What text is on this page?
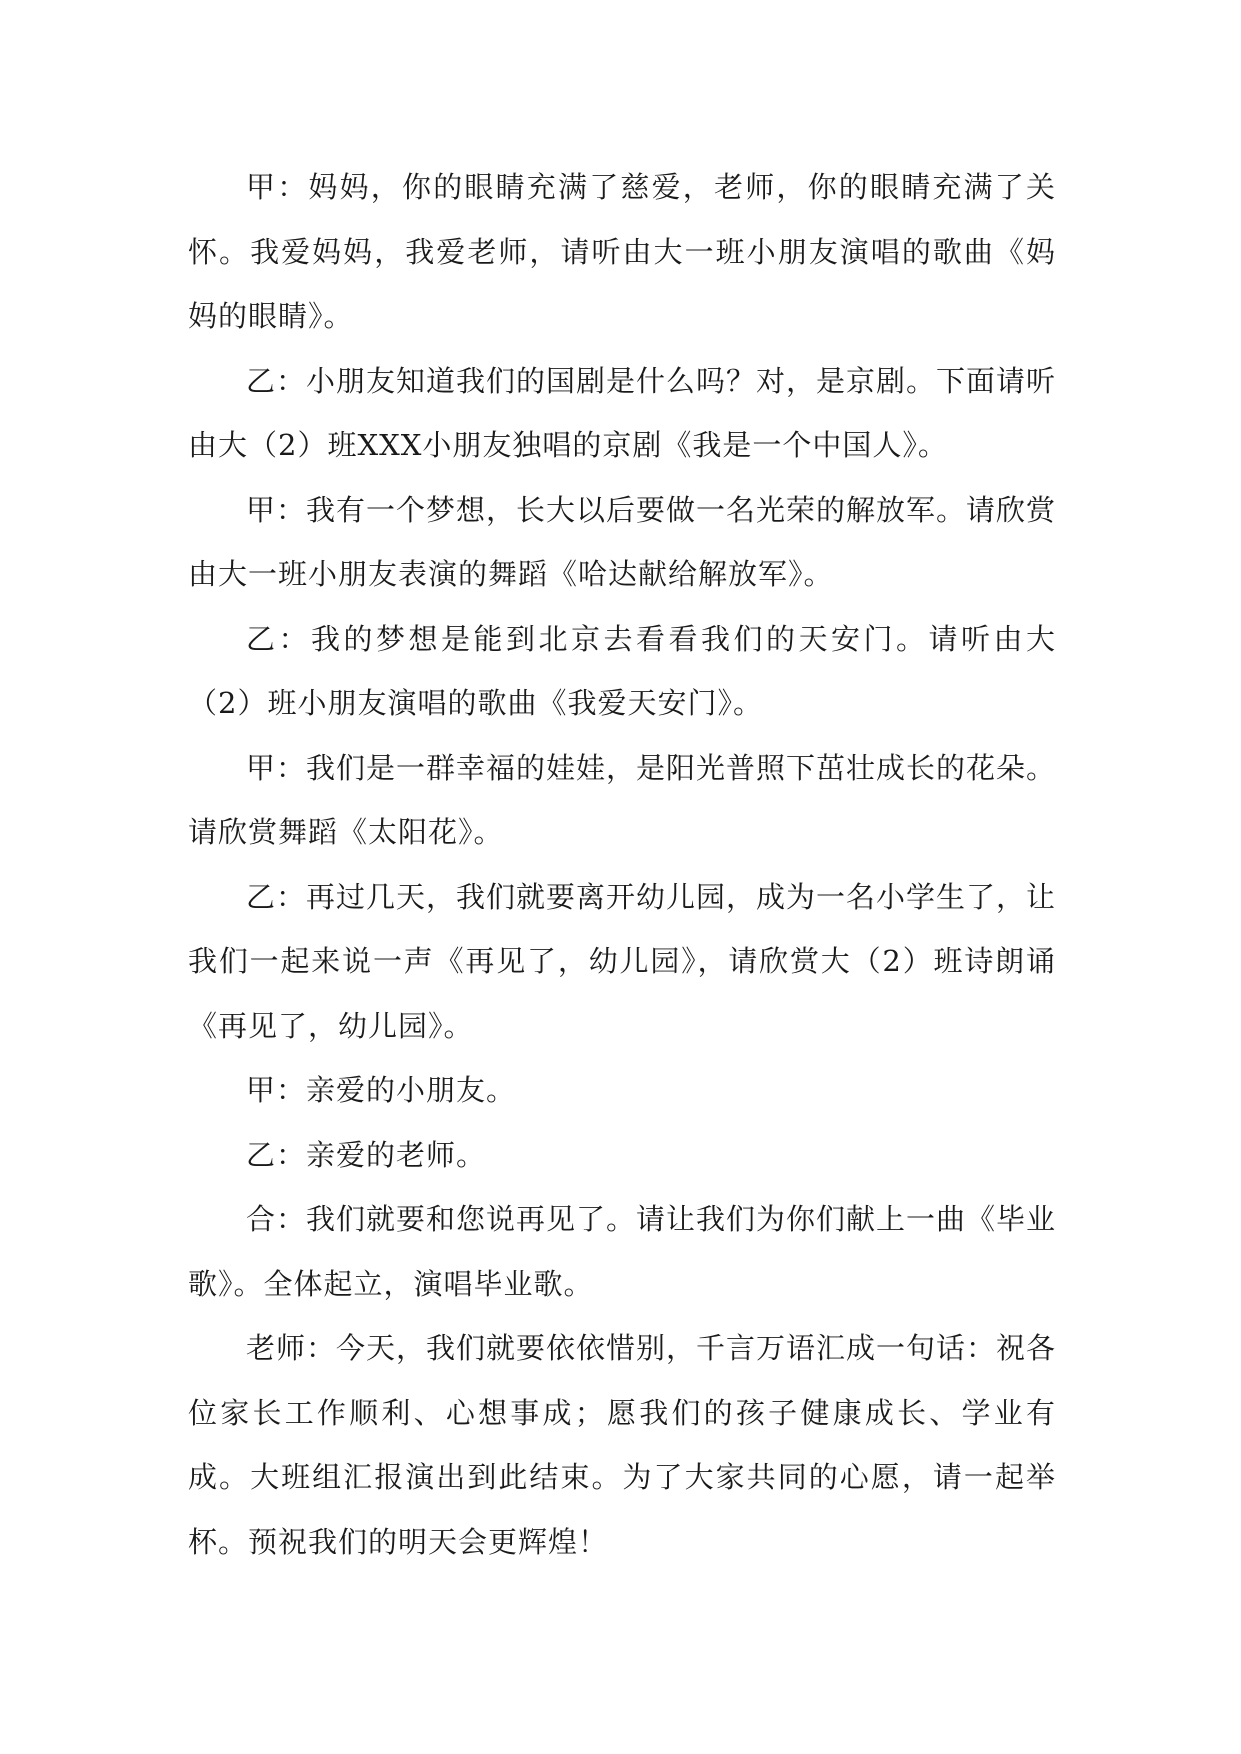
甲：妈妈，你的眼睛充满了慈爱，老师，你的眼睛充满了关怀。我爱妈妈，我爱老师，请听由大一班小朋友演唱的歌曲《妈妈的眼睛》。

乙：小朋友知道我们的国剧是什么吗？对，是京剧。下面请听由大（2）班XXX小朋友独唱的京剧《我是一个中国人》。

甲：我有一个梦想，长大以后要做一名光荣的解放军。请欣赏由大一班小朋友表演的舞蹈《哈达献给解放军》。

乙：我的梦想是能到北京去看看我们的天安门。请听由大（2）班小朋友演唱的歌曲《我爱天安门》。

甲：我们是一群幸福的娃娃，是阳光普照下茁壮成长的花朵。请欣赏舞蹈《太阳花》。

乙：再过几天，我们就要离开幼儿园，成为一名小学生了，让我们一起来说一声《再见了，幼儿园》，请欣赏大（2）班诗朗诵《再见了，幼儿园》。

甲：亲爱的小朋友。

乙：亲爱的老师。

合：我们就要和您说再见了。请让我们为你们献上一曲《毕业歌》。全体起立，演唱毕业歌。

老师：今天，我们就要依依惜别，千言万语汇成一句话：祝各位家长工作顺利、心想事成；愿我们的孩子健康成长、学业有成。大班组汇报演出到此结束。为了大家共同的心愿，请一起举杯。预祝我们的明天会更辉煌！
